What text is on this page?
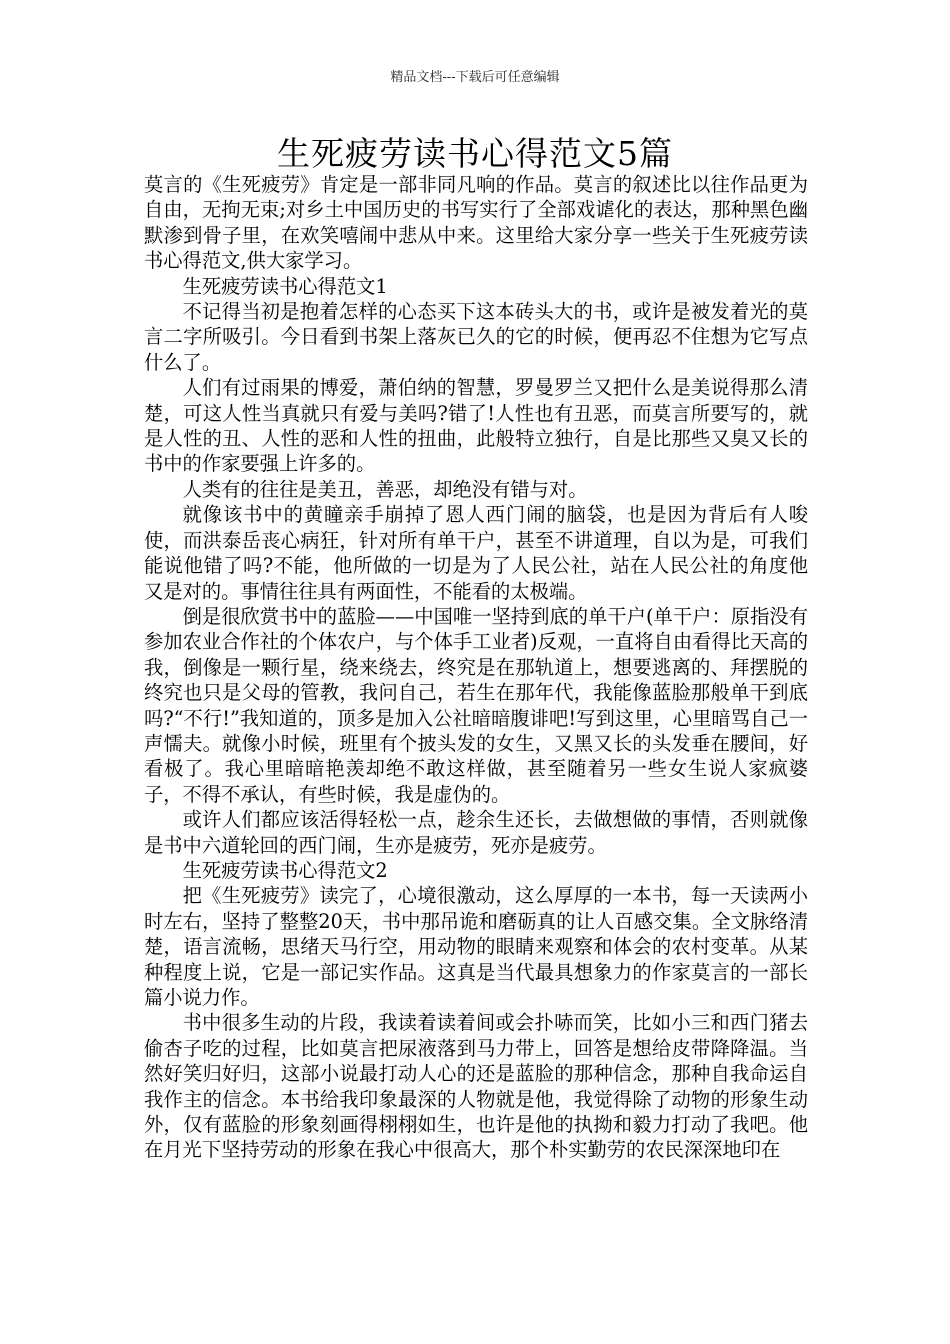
精品文档---下载后可任意编辑
生死疲劳读书心得范文5篇

莫言的《生死疲劳》肯定是一部非同凡响的作品。莫言的叙述比以往作品更为自由，无拘无束;对乡土中国历史的书写实行了全部戏谑化的表达，那种黑色幽默渗到骨子里，在欢笑嘻闹中悲从中来。这里给大家分享一些关于生死疲劳读书心得范文,供大家学习。

生死疲劳读书心得范文1

不记得当初是抱着怎样的心态买下这本砖头大的书，或许是被发着光的莫言二字所吸引。今日看到书架上落灰已久的它的时候，便再忍不住想为它写点什么了。

人们有过雨果的博爱，萧伯纳的智慧，罗曼罗兰又把什么是美说得那么清楚，可这人性当真就只有爱与美吗?错了!人性也有丑恶，而莫言所要写的，就是人性的丑、人性的恶和人性的扭曲，此般特立独行，自是比那些又臭又长的书中的作家要强上许多的。

人类有的往往是美丑，善恶，却绝没有错与对。

就像该书中的黄瞳亲手崩掉了恩人西门闹的脑袋，也是因为背后有人唆使，而洪泰岳丧心病狂，针对所有单干户，甚至不讲道理，自以为是，可我们能说他错了吗?不能，他所做的一切是为了人民公社，站在人民公社的角度他又是对的。事情往往具有两面性，不能看的太极端。

倒是很欣赏书中的蓝脸——中国唯一坚持到底的单干户(单干户：原指没有参加农业合作社的个体农户，与个体手工业者)反观，一直将自由看得比天高的我，倒像是一颗行星，绕来绕去，终究是在那轨道上，想要逃离的、拜摆脱的终究也只是父母的管教，我问自己，若生在那年代，我能像蓝脸那般单干到底吗?“不行!”我知道的，顶多是加入公社暗暗腹诽吧!写到这里，心里暗骂自己一声懦夫。就像小时候，班里有个披头发的女生，又黑又长的头发垂在腰间，好看极了。我心里暗暗艳羡却绝不敢这样做，甚至随着另一些女生说人家疯婆子，不得不承认，有些时候，我是虚伪的。

或许人们都应该活得轻松一点，趁余生还长，去做想做的事情，否则就像是书中六道轮回的西门闹，生亦是疲劳，死亦是疲劳。

生死疲劳读书心得范文2

把《生死疲劳》读完了，心境很激动，这么厚厚的一本书，每一天读两小时左右，坚持了整整20天，书中那吊诡和磨砺真的让人百感交集。全文脉络清楚，语言流畅，思绪天马行空，用动物的眼睛来观察和体会的农村变革。从某种程度上说，它是一部记实作品。这真是当代最具想象力的作家莫言的一部长篇小说力作。

书中很多生动的片段，我读着读着间或会扑哧而笑，比如小三和西门猪去偷杏子吃的过程，比如莫言把尿液落到马力带上，回答是想给皮带降降温。当然好笑归好归，这部小说最打动人心的还是蓝脸的那种信念，那种自我命运自我作主的信念。本书给我印象最深的人物就是他，我觉得除了动物的形象生动外，仅有蓝脸的形象刻画得栩栩如生，也许是他的执拗和毅力打动了我吧。他在月光下坚持劳动的形象在我心中很高大，那个朴实勤劳的农民深深地印在
